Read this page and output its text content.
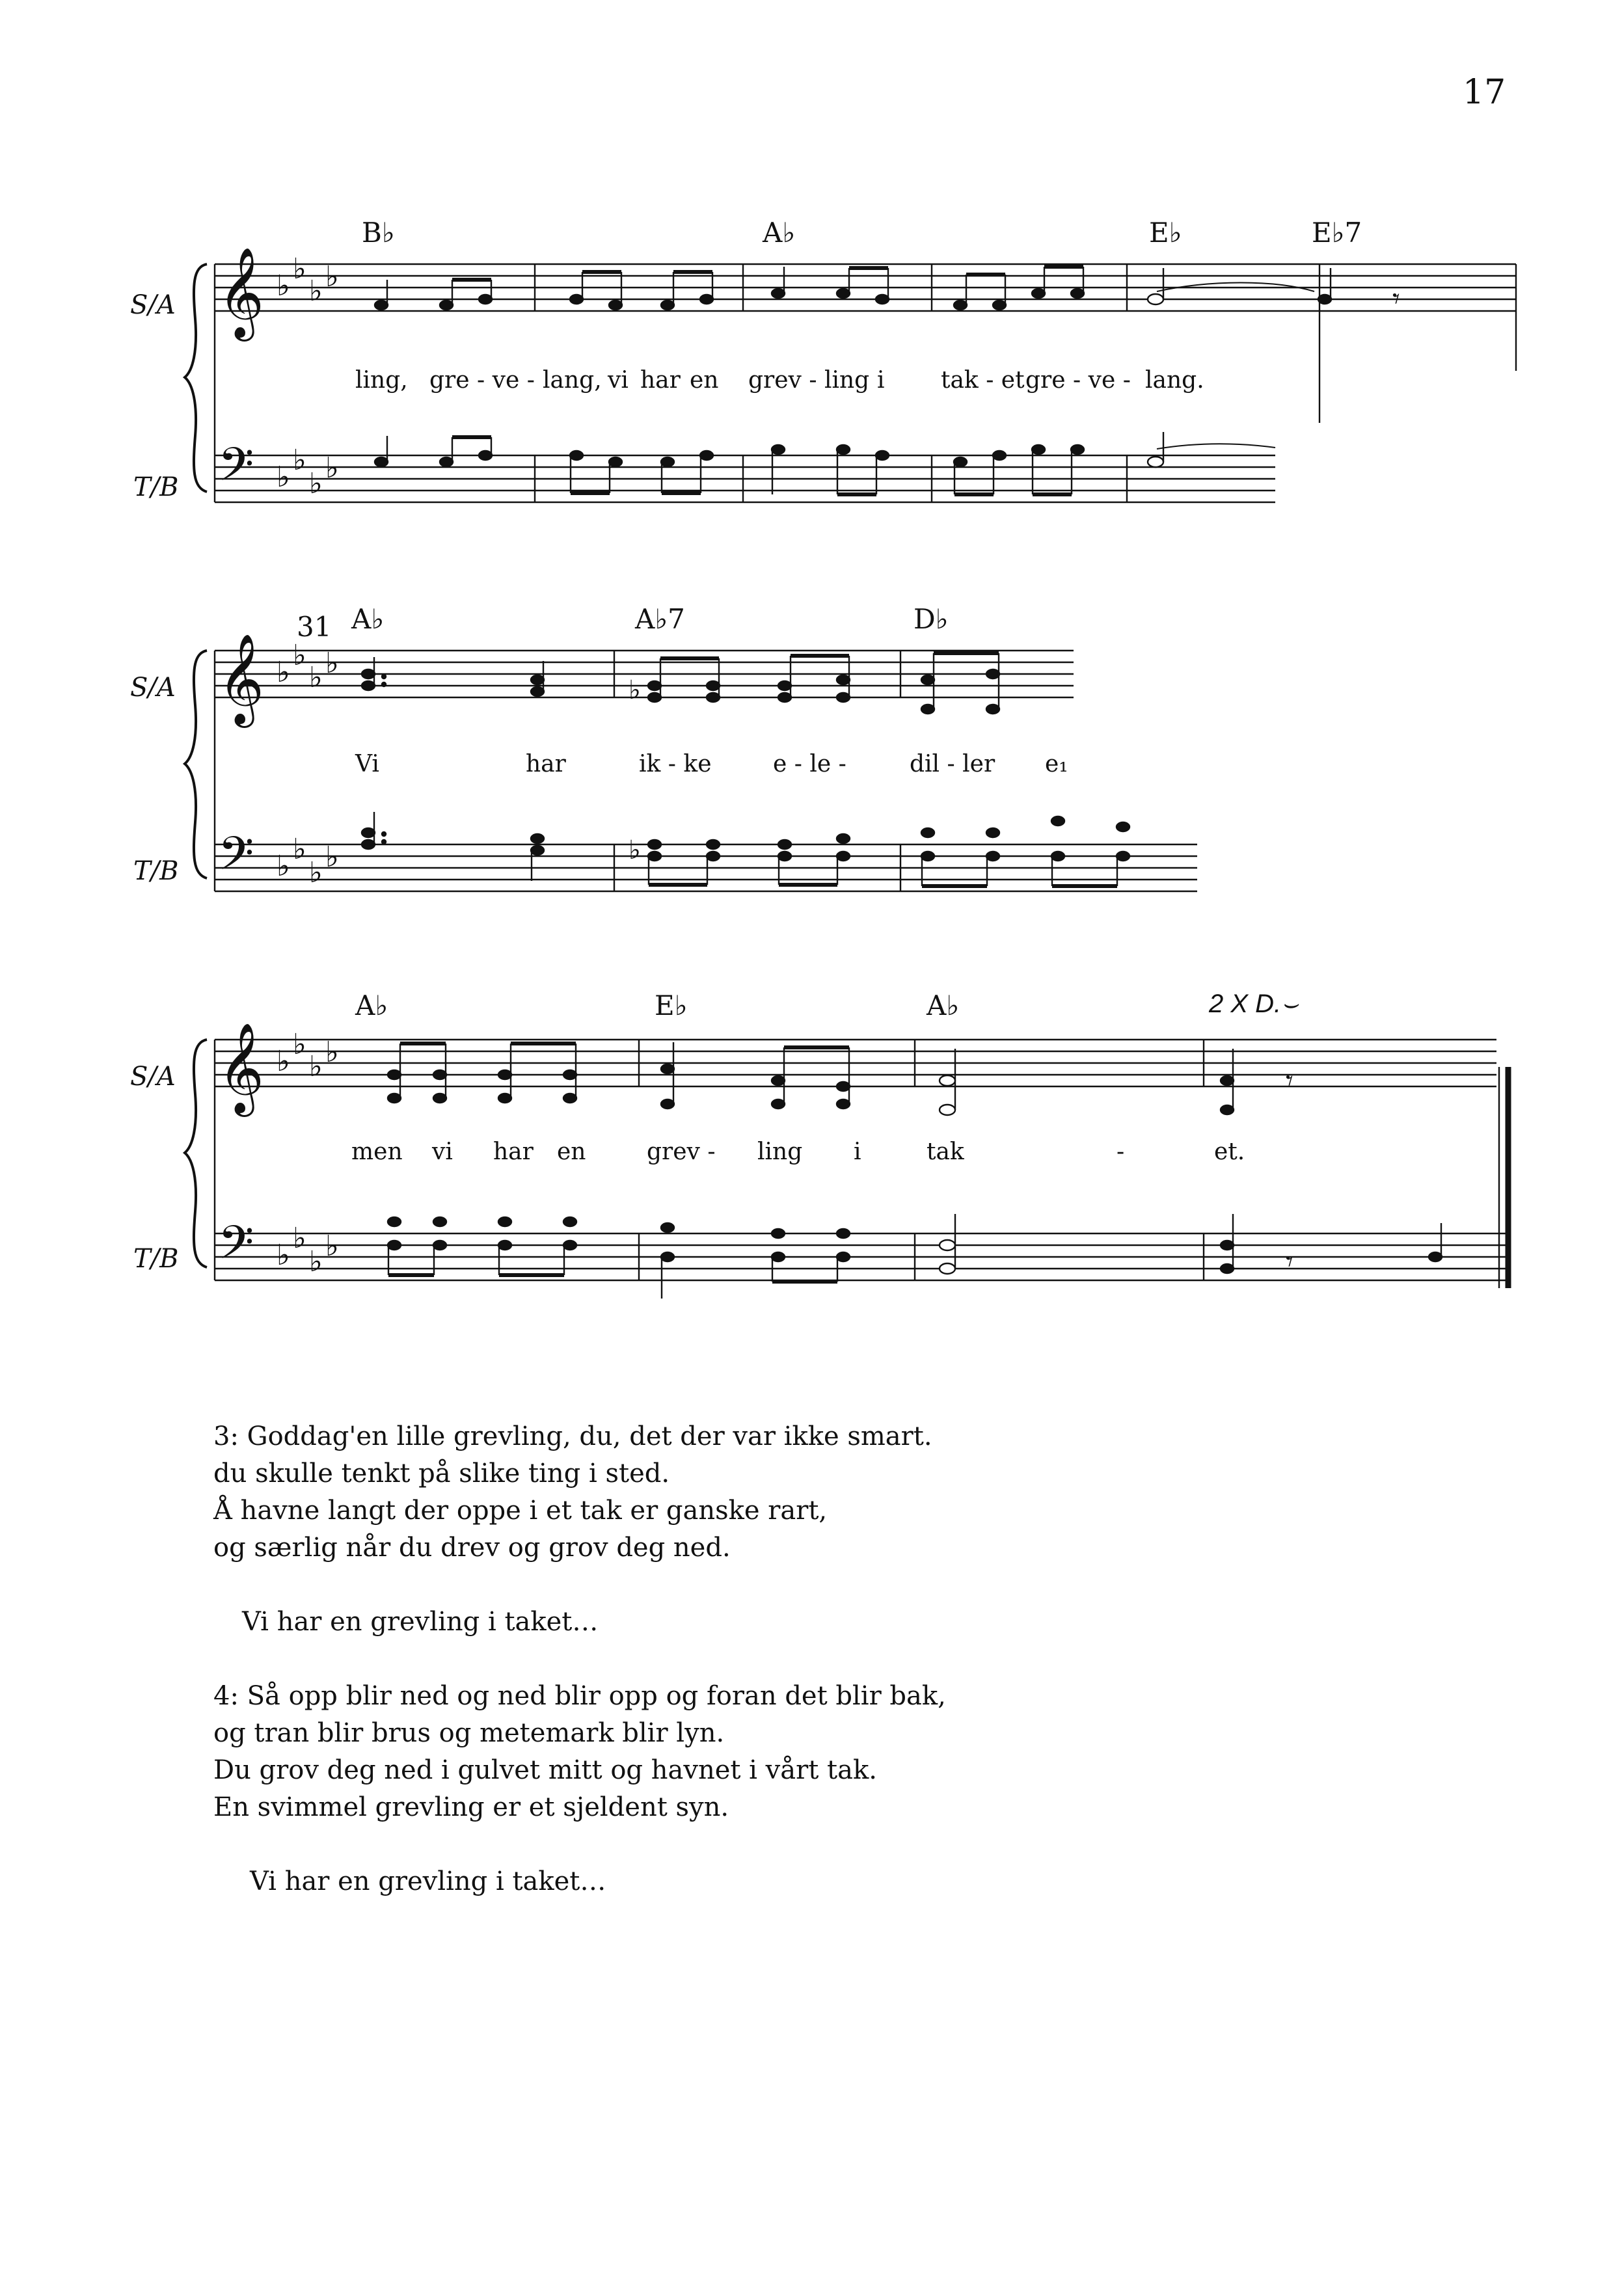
17
S/A
T/B
𝄞
𝄢
♭
♭
♭ ♭
♭
♭
♭ ♭
B♭	A♭	E♭	E♭7
𝄾
ling, gre - ve - lang, vi har en grev - ling i tak - et gre - ve - lang.
S/A
T/B
31
𝄞
𝄢
♭
♭
♭ ♭
♭
♭
♭ ♭
A♭	A♭7	D♭
♭
♭
Vi	har	ik - ke	e - le -	dil - ler e₁
S/A
T/B
𝄞
𝄢
♭
♭
♭ ♭
♭
♭
♭ ♭
A♭	E♭	A♭	2 X D.⌣
𝄾
𝄾
men vi har en	grev - ling i	tak	-	et.

3: Goddag'en lille grevling, du, det der var ikke smart.

du skulle tenkt på slike ting i sted.

Å havne langt der oppe i et tak er ganske rart,

og særlig når du drev og grov deg ned.

Vi har en grevling i taket…

4: Så opp blir ned og ned blir opp og foran det blir bak,

og tran blir brus og metemark blir lyn.

Du grov deg ned i gulvet mitt og havnet i vårt tak.

En svimmel grevling er et sjeldent syn.

Vi har en grevling i taket…
